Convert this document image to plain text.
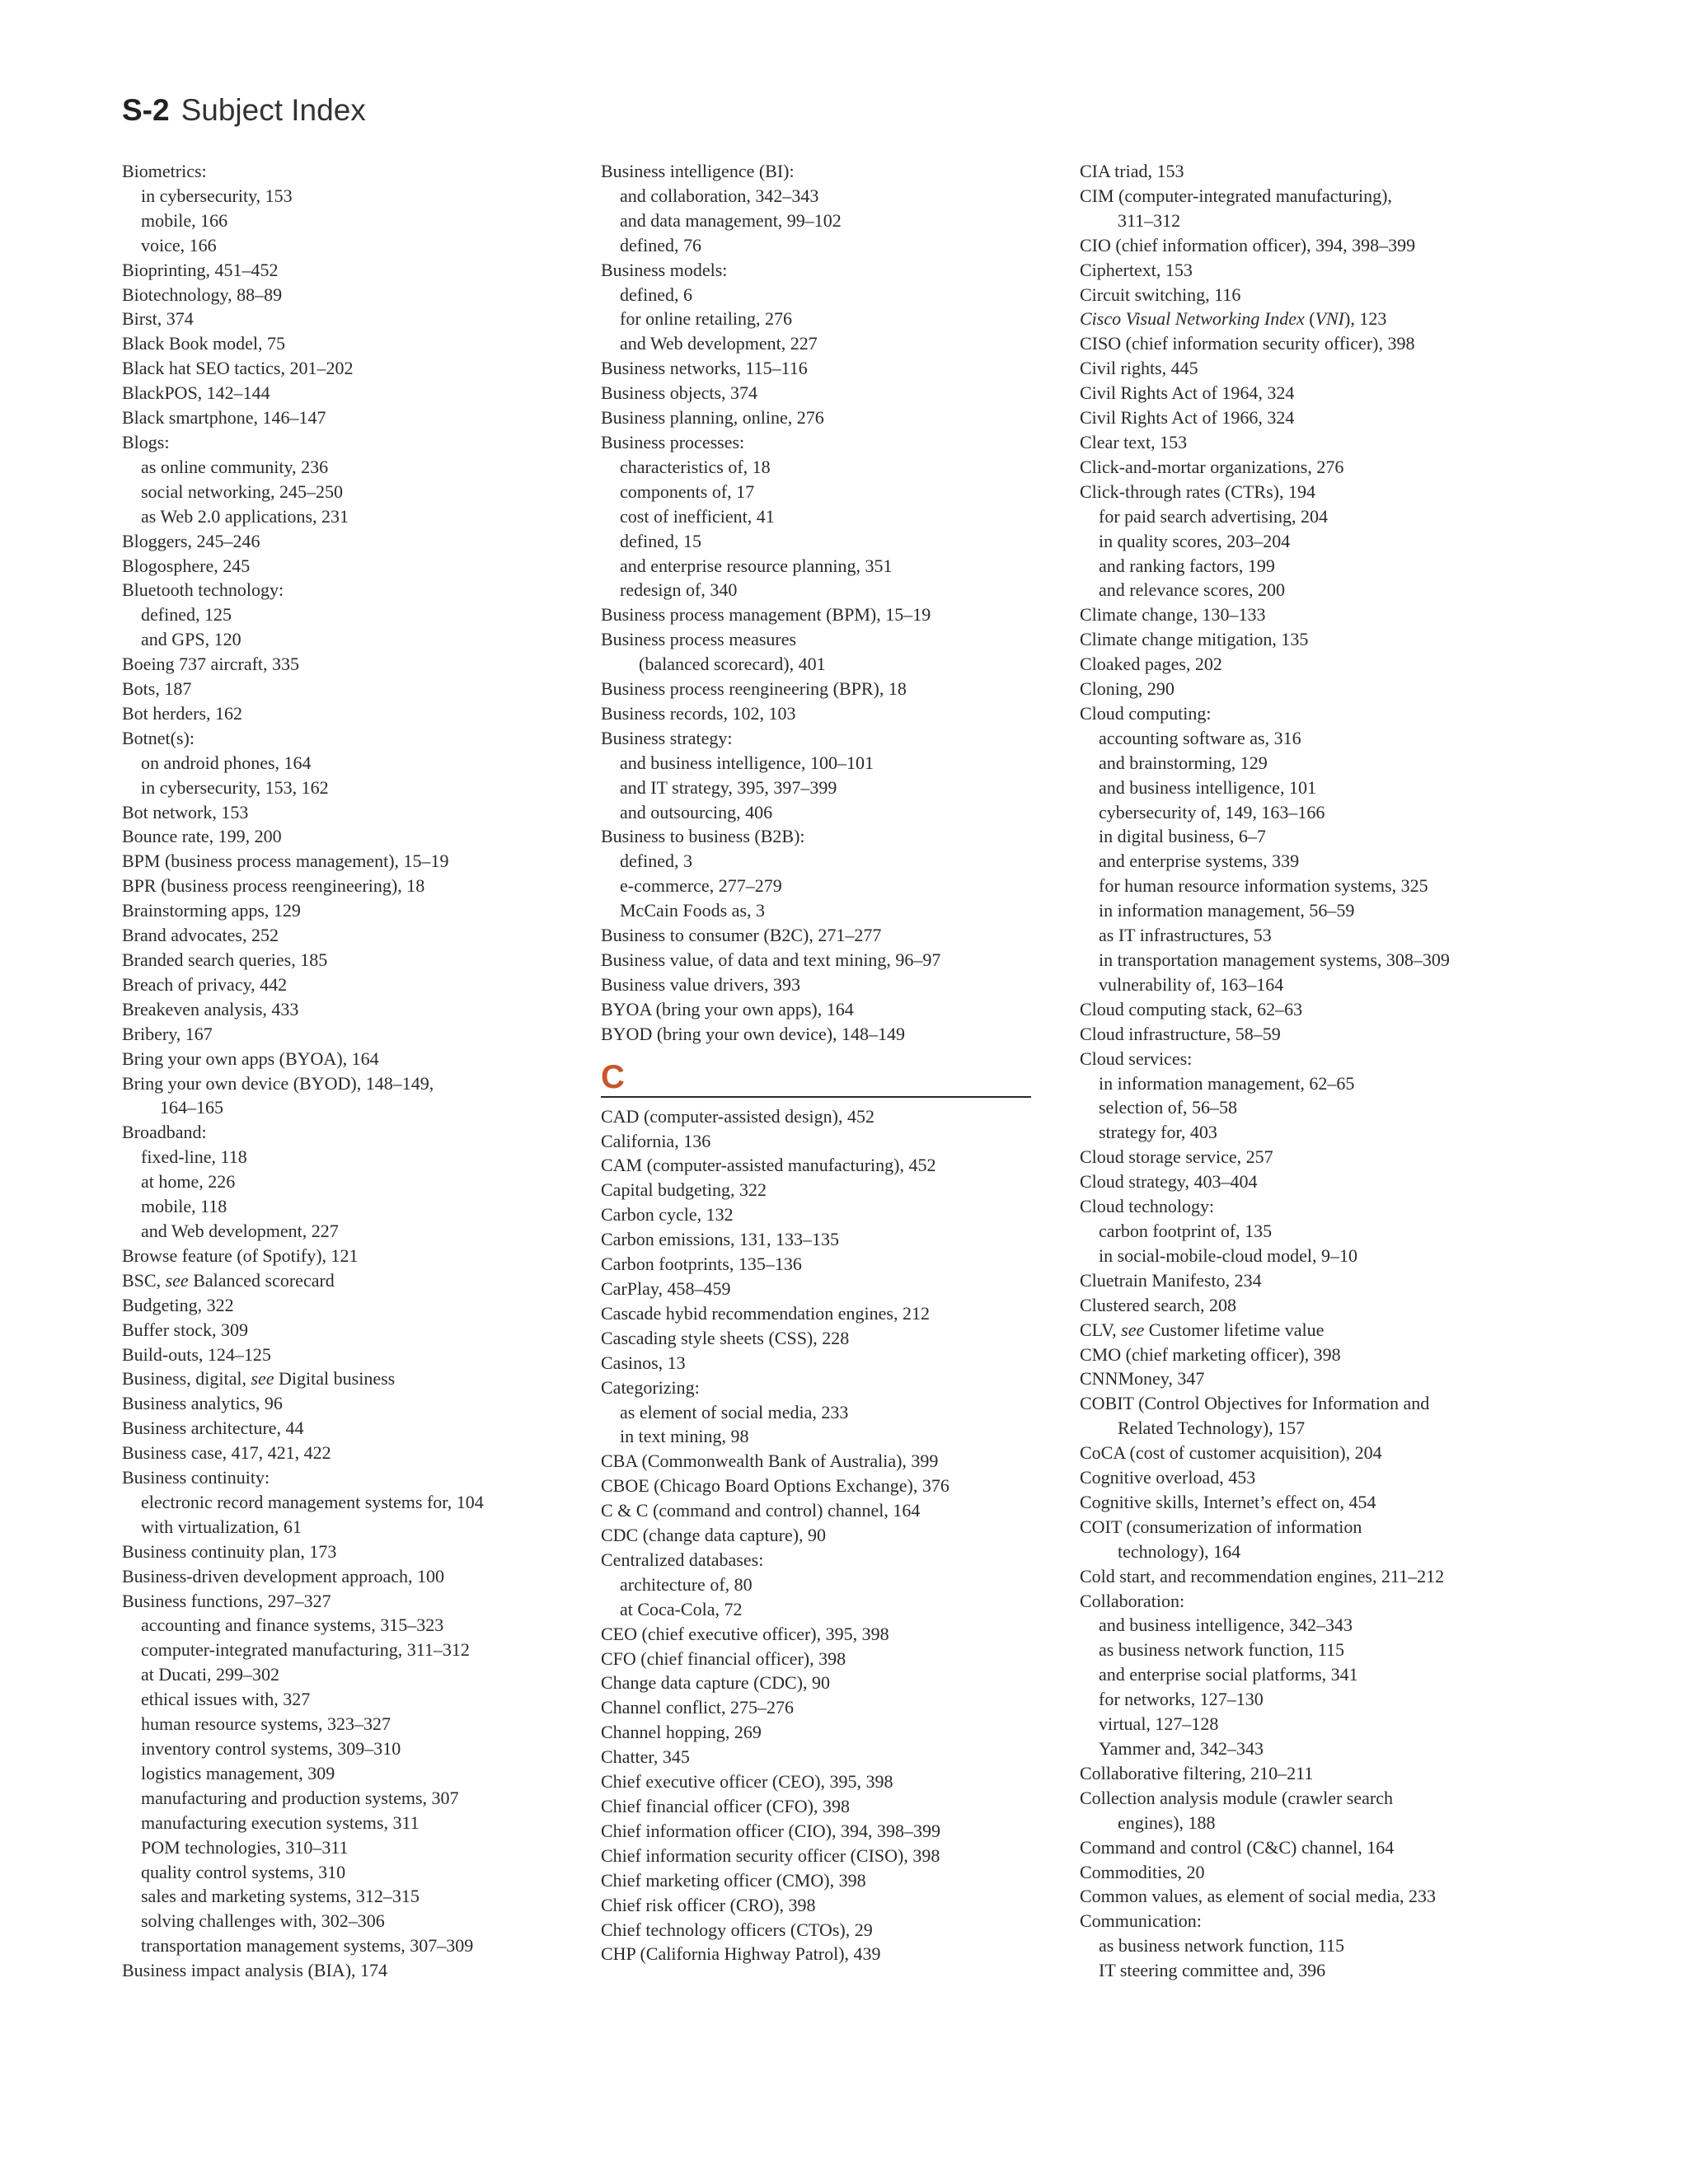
S-2 Subject Index
Biometrics:
in cybersecurity, 153
mobile, 166
voice, 166
Bioprinting, 451–452
Biotechnology, 88–89
Birst, 374
Black Book model, 75
Black hat SEO tactics, 201–202
BlackPOS, 142–144
Black smartphone, 146–147
Blogs:
as online community, 236
social networking, 245–250
as Web 2.0 applications, 231
Bloggers, 245–246
Blogosphere, 245
Bluetooth technology:
defined, 125
and GPS, 120
Boeing 737 aircraft, 335
Bots, 187
Bot herders, 162
Botnet(s):
on android phones, 164
in cybersecurity, 153, 162
Bot network, 153
Bounce rate, 199, 200
BPM (business process management), 15–19
BPR (business process reengineering), 18
Brainstorming apps, 129
Brand advocates, 252
Branded search queries, 185
Breach of privacy, 442
Breakeven analysis, 433
Bribery, 167
Bring your own apps (BYOA), 164
Bring your own device (BYOD), 148–149,
164–165
Broadband:
fixed-line, 118
at home, 226
mobile, 118
and Web development, 227
Browse feature (of Spotify), 121
BSC, see Balanced scorecard
Budgeting, 322
Buffer stock, 309
Build-outs, 124–125
Business, digital, see Digital business
Business analytics, 96
Business architecture, 44
Business case, 417, 421, 422
Business continuity:
electronic record management systems for, 104
with virtualization, 61
Business continuity plan, 173
Business-driven development approach, 100
Business functions, 297–327
accounting and finance systems, 315–323
computer-integrated manufacturing, 311–312
at Ducati, 299–302
ethical issues with, 327
human resource systems, 323–327
inventory control systems, 309–310
logistics management, 309
manufacturing and production systems, 307
manufacturing execution systems, 311
POM technologies, 310–311
quality control systems, 310
sales and marketing systems, 312–315
solving challenges with, 302–306
transportation management systems, 307–309
Business impact analysis (BIA), 174
Business intelligence (BI):
and collaboration, 342–343
and data management, 99–102
defined, 76
Business models:
defined, 6
for online retailing, 276
and Web development, 227
Business networks, 115–116
Business objects, 374
Business planning, online, 276
Business processes:
characteristics of, 18
components of, 17
cost of inefficient, 41
defined, 15
and enterprise resource planning, 351
redesign of, 340
Business process management (BPM), 15–19
Business process measures
(balanced scorecard), 401
Business process reengineering (BPR), 18
Business records, 102, 103
Business strategy:
and business intelligence, 100–101
and IT strategy, 395, 397–399
and outsourcing, 406
Business to business (B2B):
defined, 3
e-commerce, 277–279
McCain Foods as, 3
Business to consumer (B2C), 271–277
Business value, of data and text mining, 96–97
Business value drivers, 393
BYOA (bring your own apps), 164
BYOD (bring your own device), 148–149
C
CAD (computer-assisted design), 452
California, 136
CAM (computer-assisted manufacturing), 452
Capital budgeting, 322
Carbon cycle, 132
Carbon emissions, 131, 133–135
Carbon footprints, 135–136
CarPlay, 458–459
Cascade hybid recommendation engines, 212
Cascading style sheets (CSS), 228
Casinos, 13
Categorizing:
as element of social media, 233
in text mining, 98
CBA (Commonwealth Bank of Australia), 399
CBOE (Chicago Board Options Exchange), 376
C & C (command and control) channel, 164
CDC (change data capture), 90
Centralized databases:
architecture of, 80
at Coca-Cola, 72
CEO (chief executive officer), 395, 398
CFO (chief financial officer), 398
Change data capture (CDC), 90
Channel conflict, 275–276
Channel hopping, 269
Chatter, 345
Chief executive officer (CEO), 395, 398
Chief financial officer (CFO), 398
Chief information officer (CIO), 394, 398–399
Chief information security officer (CISO), 398
Chief marketing officer (CMO), 398
Chief risk officer (CRO), 398
Chief technology officers (CTOs), 29
CHP (California Highway Patrol), 439
CIA triad, 153
CIM (computer-integrated manufacturing),
311–312
CIO (chief information officer), 394, 398–399
Ciphertext, 153
Circuit switching, 116
Cisco Visual Networking Index (VNI), 123
CISO (chief information security officer), 398
Civil rights, 445
Civil Rights Act of 1964, 324
Civil Rights Act of 1966, 324
Clear text, 153
Click-and-mortar organizations, 276
Click-through rates (CTRs), 194
for paid search advertising, 204
in quality scores, 203–204
and ranking factors, 199
and relevance scores, 200
Climate change, 130–133
Climate change mitigation, 135
Cloaked pages, 202
Cloning, 290
Cloud computing:
accounting software as, 316
and brainstorming, 129
and business intelligence, 101
cybersecurity of, 149, 163–166
in digital business, 6–7
and enterprise systems, 339
for human resource information systems, 325
in information management, 56–59
as IT infrastructures, 53
in transportation management systems, 308–309
vulnerability of, 163–164
Cloud computing stack, 62–63
Cloud infrastructure, 58–59
Cloud services:
in information management, 62–65
selection of, 56–58
strategy for, 403
Cloud storage service, 257
Cloud strategy, 403–404
Cloud technology:
carbon footprint of, 135
in social-mobile-cloud model, 9–10
Cluetrain Manifesto, 234
Clustered search, 208
CLV, see Customer lifetime value
CMO (chief marketing officer), 398
CNNMoney, 347
COBIT (Control Objectives for Information and
Related Technology), 157
CoCA (cost of customer acquisition), 204
Cognitive overload, 453
Cognitive skills, Internet’s effect on, 454
COIT (consumerization of information
technology), 164
Cold start, and recommendation engines, 211–212
Collaboration:
and business intelligence, 342–343
as business network function, 115
and enterprise social platforms, 341
for networks, 127–130
virtual, 127–128
Yammer and, 342–343
Collaborative filtering, 210–211
Collection analysis module (crawler search
engines), 188
Command and control (C&C) channel, 164
Commodities, 20
Common values, as element of social media, 233
Communication:
as business network function, 115
IT steering committee and, 396
